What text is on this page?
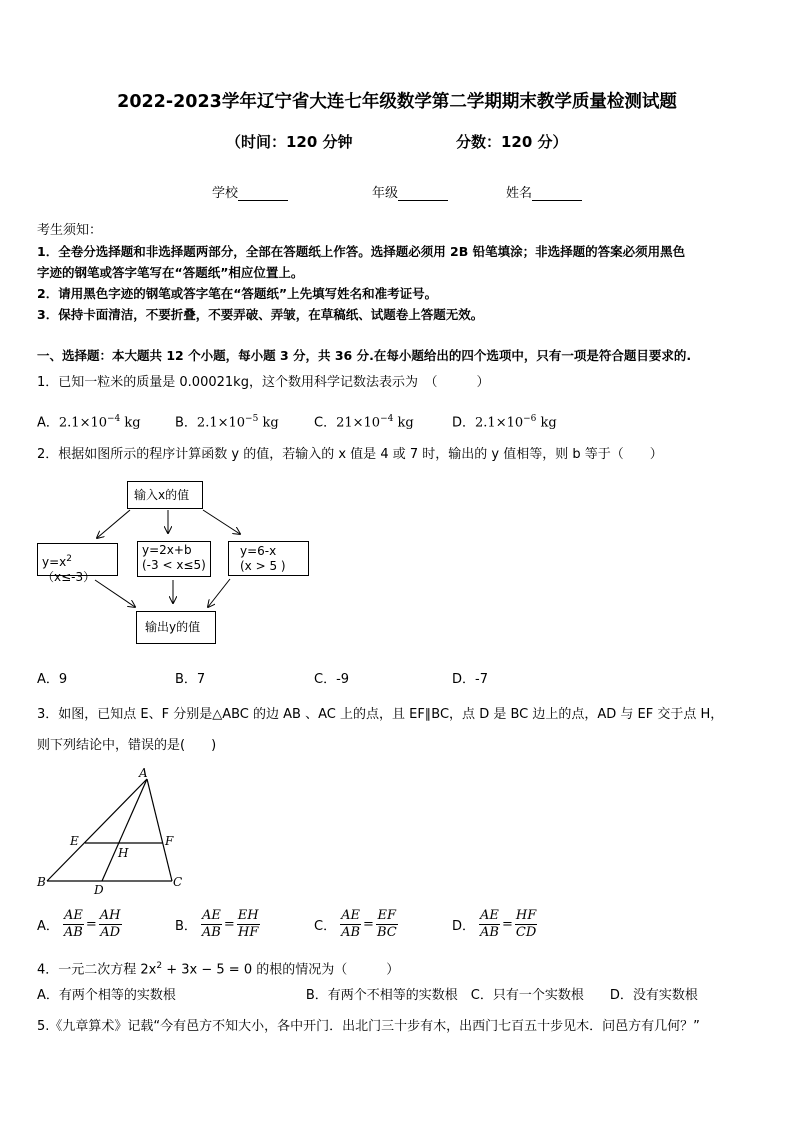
2022-2023学年辽宁省大连七年级数学第二学期期末教学质量检测试题
（时间：120 分钟	分数：120 分）
学校	年级	姓名
考生须知：
1．全卷分选择题和非选择题两部分，全部在答题纸上作答。选择题必须用 2B 铅笔填涂；非选择题的答案必须用黑色
字迹的钢笔或答字笔写在“答题纸”相应位置上。
2．请用黑色字迹的钢笔或答字笔在“答题纸”上先填写姓名和准考证号。
3．保持卡面清洁，不要折叠，不要弄破、弄皱，在草稿纸、试题卷上答题无效。
一、选择题：本大题共 12 个小题，每小题 3 分，共 36 分.在每小题给出的四个选项中，只有一项是符合题目要求的.
1．已知一粒米的质量是 0.00021kg，这个数用科学记数法表示为　（　　　）
A．$2.1\times 10^{-4}$ kg	B．$2.1\times 10^{-5}$ kg	C．$21\times 10^{-4}$ kg	D．$2.1\times 10^{-6}$ kg
2．根据如图所示的程序计算函数 y 的值，若输入的 x 值是 4 或 7 时，输出的 y 值相等，则 b 等于（　　）
输入x的值
$y=x^2(x\le-3)$
y=2x+b
(-3 < x≤5)
y=6-x
(x > 5 )
输出y的值
A．9	B．7	C．-9	D．-7
3．如图，已知点 E、F 分别是△ABC 的边 AB 、AC 上的点，且 EF∥BC，点 D 是 BC 边上的点，AD 与 EF 交于点 H，
则下列结论中，错误的是(　　)
A
B	C
D
E	F
H
A． $\frac{AE}{AB} = \frac{AH}{AD}$	B． $\frac{AE}{AB} = \frac{EH}{HF}$	C． $\frac{AE}{AB} = \frac{EF}{BC}$	D． $\frac{AE}{AB} = \frac{HF}{CD}$
4．一元二次方程 $2x^2 + 3x - 5 = 0$ 的根的情况为（　　　）
A．有两个相等的实数根　　　　　　　　　　B．有两个不相等的实数根　C．只有一个实数根　　D．没有实数根
5.《九章算术》记载“今有邑方不知大小，各中开门．出北门三十步有木，出西门七百五十步见木．问邑方有几何？”
